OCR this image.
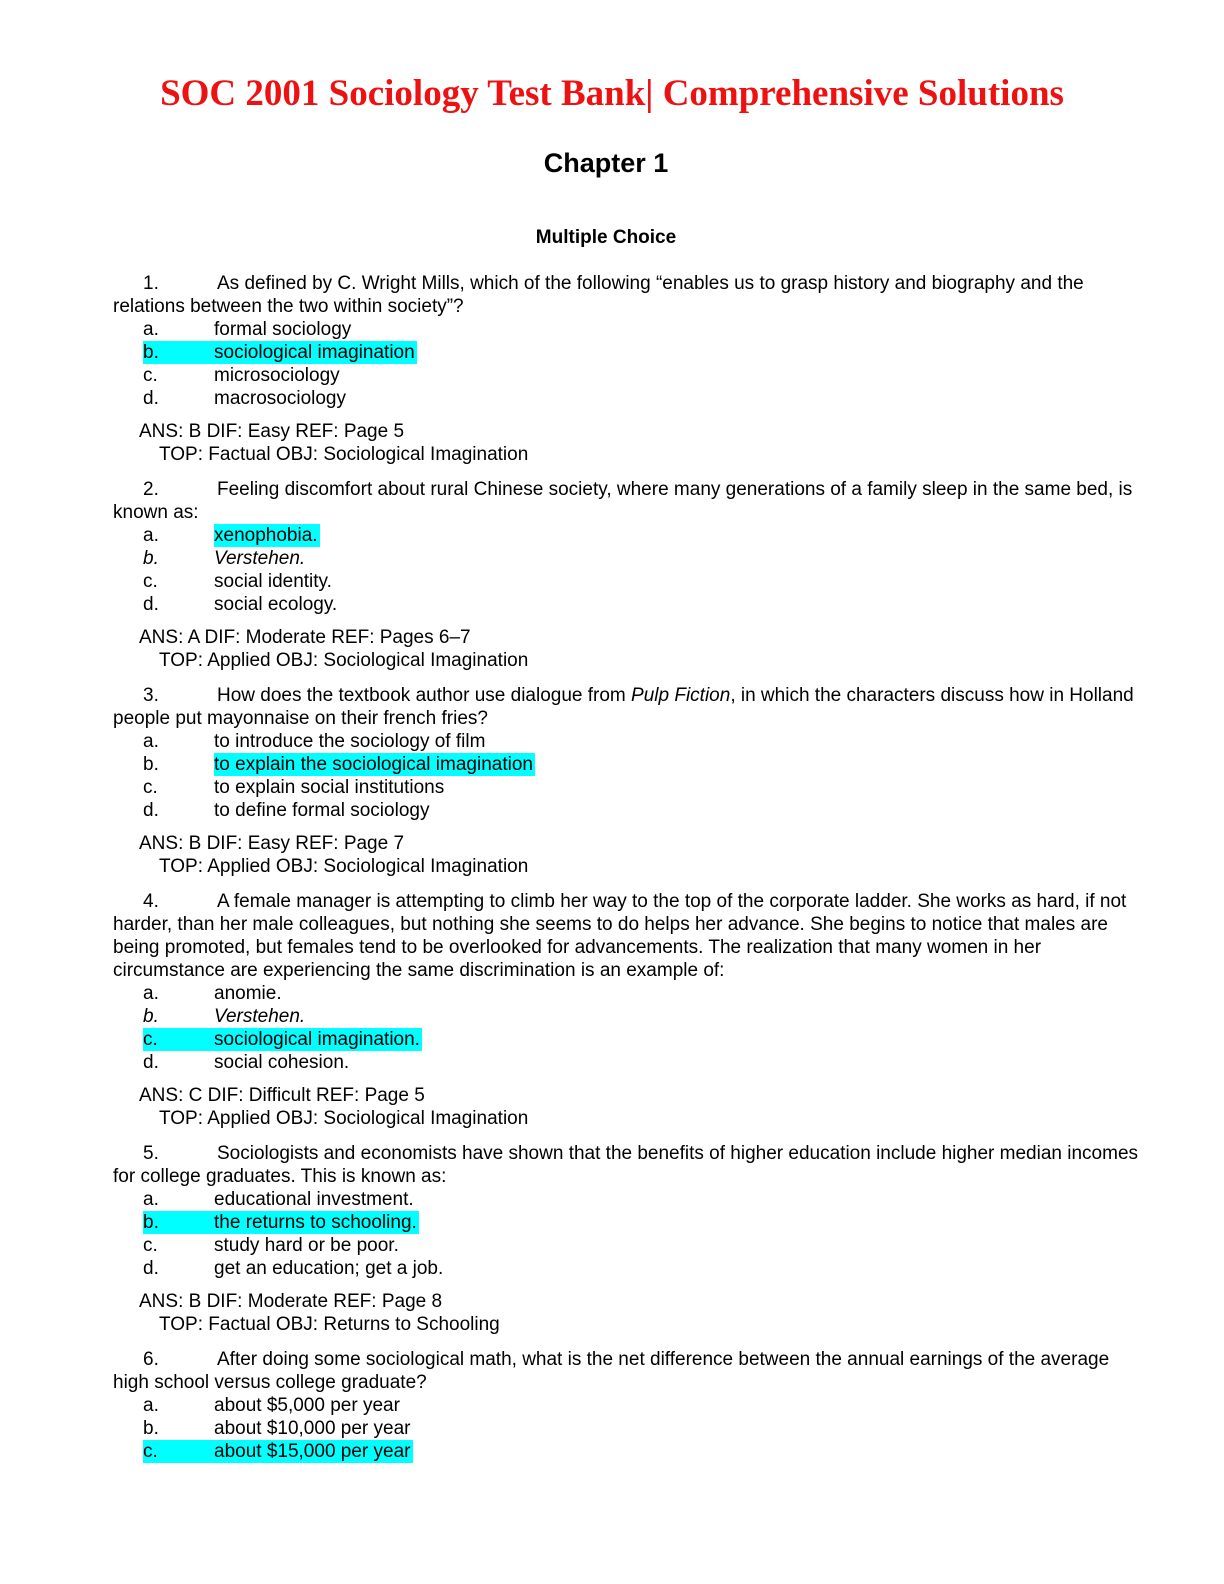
SOC 2001 Sociology Test Bank| Comprehensive Solutions
Chapter 1
Multiple Choice

1.	As defined by C. Wright Mills, which of the following “enables us to grasp history and biography and the relations between the two within society”?

a.	formal sociology
b.	sociological imagination
c.	microsociology
d.	macrosociology
ANS: B DIF: Easy REF: Page 5
TOP: Factual OBJ: Sociological Imagination

2.	Feeling discomfort about rural Chinese society, where many generations of a family sleep in the same bed, is known as:

a.	xenophobia.
b.	Verstehen.
c.	social identity.
d.	social ecology.
ANS: A DIF: Moderate REF: Pages 6–7
TOP: Applied OBJ: Sociological Imagination

3.	How does the textbook author use dialogue from Pulp Fiction, in which the characters discuss how in Holland people put mayonnaise on their french fries?

a.	to introduce the sociology of film
b.	to explain the sociological imagination
c.	to explain social institutions
d.	to define formal sociology
ANS: B DIF: Easy REF: Page 7
TOP: Applied OBJ: Sociological Imagination

4.	A female manager is attempting to climb her way to the top of the corporate ladder. She works as hard, if not harder, than her male colleagues, but nothing she seems to do helps her advance. She begins to notice that males are being promoted, but females tend to be overlooked for advancements. The realization that many women in her circumstance are experiencing the same discrimination is an example of:

a.	anomie.
b.	Verstehen.
c.	sociological imagination.
d.	social cohesion.
ANS: C DIF: Difficult REF: Page 5
TOP: Applied OBJ: Sociological Imagination

5.	Sociologists and economists have shown that the benefits of higher education include higher median incomes for college graduates. This is known as:

a.	educational investment.
b.	the returns to schooling.
c.	study hard or be poor.
d.	get an education; get a job.
ANS: B DIF: Moderate REF: Page 8
TOP: Factual OBJ: Returns to Schooling

6.	After doing some sociological math, what is the net difference between the annual earnings of the average high school versus college graduate?

a.	about $5,000 per year
b.	about $10,000 per year
c.	about $15,000 per year
